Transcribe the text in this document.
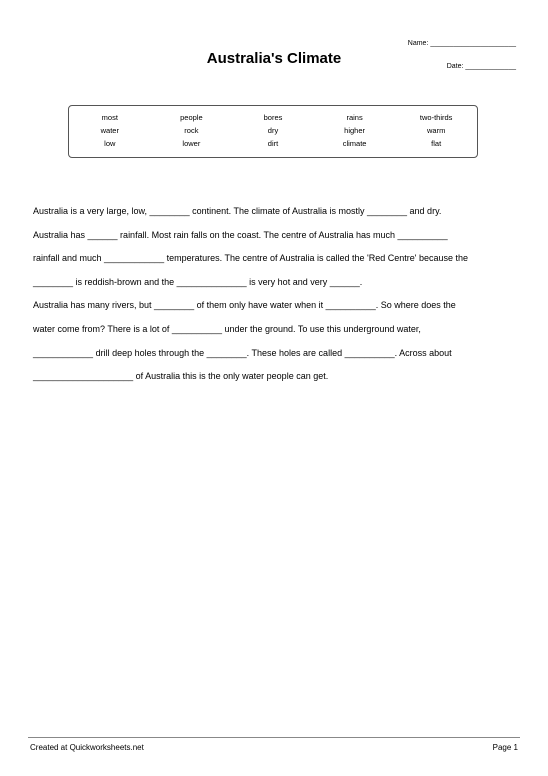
Australia's Climate
Name: ______________________
Date: _____________
most	people	bores	rains	two-thirds
water	rock	dry	higher	warm
low	lower	dirt	climate	flat
Australia is a very large, low, ________ continent. The climate of Australia is mostly ________ and dry.
Australia has ______ rainfall. Most rain falls on the coast. The centre of Australia has much __________
rainfall and much ____________ temperatures. The centre of Australia is called the 'Red Centre' because the
________ is reddish-brown and the ______________ is very hot and very ______.
Australia has many rivers, but ________ of them only have water when it __________. So where does the
water come from? There is a lot of __________ under the ground. To use this underground water,
____________ drill deep holes through the ________. These holes are called __________. Across about
____________________ of Australia this is the only water people can get.
Created at Quickworksheets.net	Page 1
